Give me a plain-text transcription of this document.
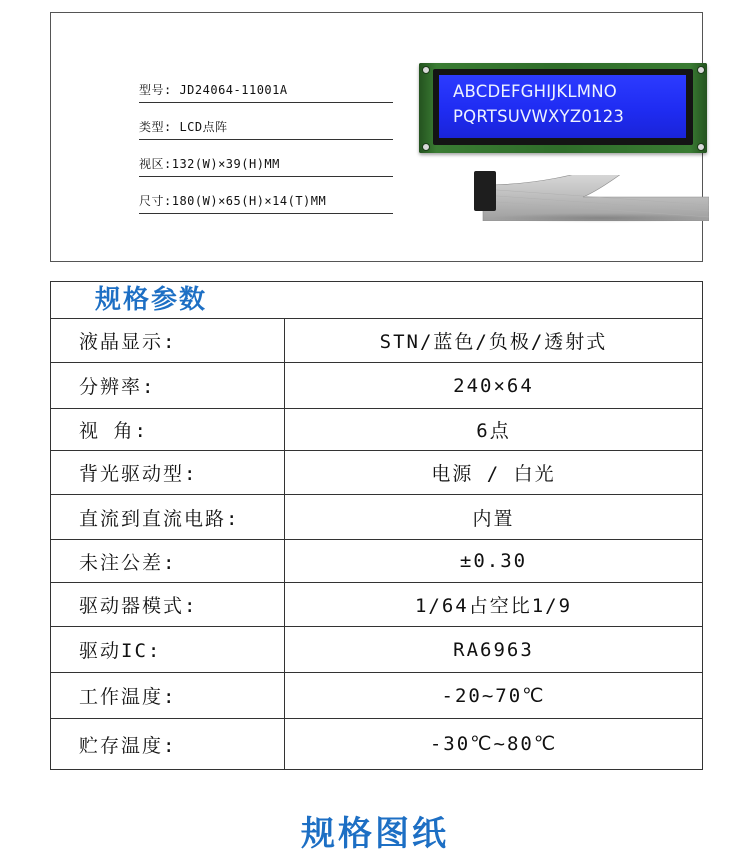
型号: JD24064-11001A
类型: LCD点阵
视区:132(W)×39(H)MM
尺寸:180(W)×65(H)×14(T)MM
ABCDEFGHIJKLMNO
PQRTSUVWXYZ0123
规格参数
液晶显示:	STN/蓝色/负极/透射式
分辨率:	240×64
视 角:	6点
背光驱动型:	电源 / 白光
直流到直流电路:	内置
未注公差:	±0.30
驱动器模式:	1/64占空比1/9
驱动IC:	RA6963
工作温度:	-20~70℃
贮存温度:	-30℃~80℃
规格图纸
